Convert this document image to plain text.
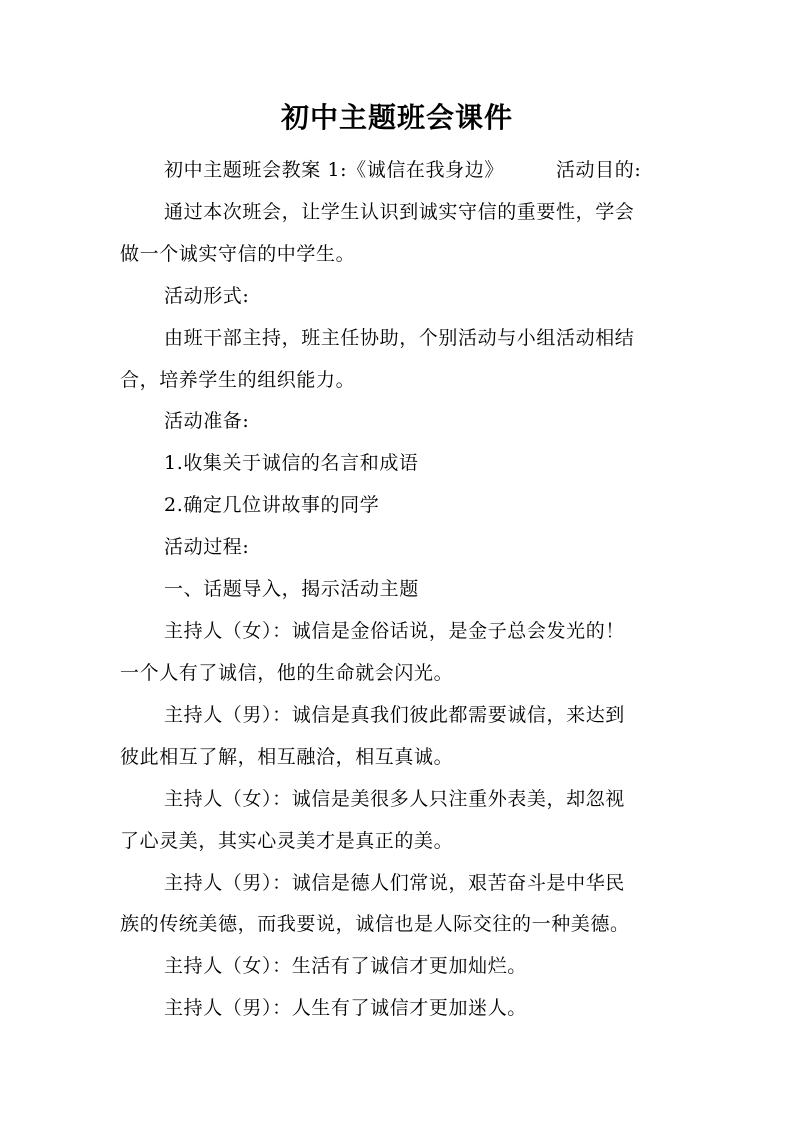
初中主题班会课件
初中主题班会教案 1:《诚信在我身边》	活动目的:
通过本次班会，让学生认识到诚实守信的重要性，学会
做一个诚实守信的中学生。
活动形式:
由班干部主持，班主任协助，个别活动与小组活动相结
合，培养学生的组织能力。
活动准备:
1.收集关于诚信的名言和成语
2.确定几位讲故事的同学
活动过程:
一、话题导入，揭示活动主题
主持人（女）：诚信是金俗话说，是金子总会发光的！
一个人有了诚信，他的生命就会闪光。
主持人（男）：诚信是真我们彼此都需要诚信，来达到
彼此相互了解，相互融洽，相互真诚。
主持人（女）：诚信是美很多人只注重外表美，却忽视
了心灵美，其实心灵美才是真正的美。
主持人（男）：诚信是德人们常说，艰苦奋斗是中华民
族的传统美德，而我要说，诚信也是人际交往的一种美德。
主持人（女）：生活有了诚信才更加灿烂。
主持人（男）：人生有了诚信才更加迷人。
